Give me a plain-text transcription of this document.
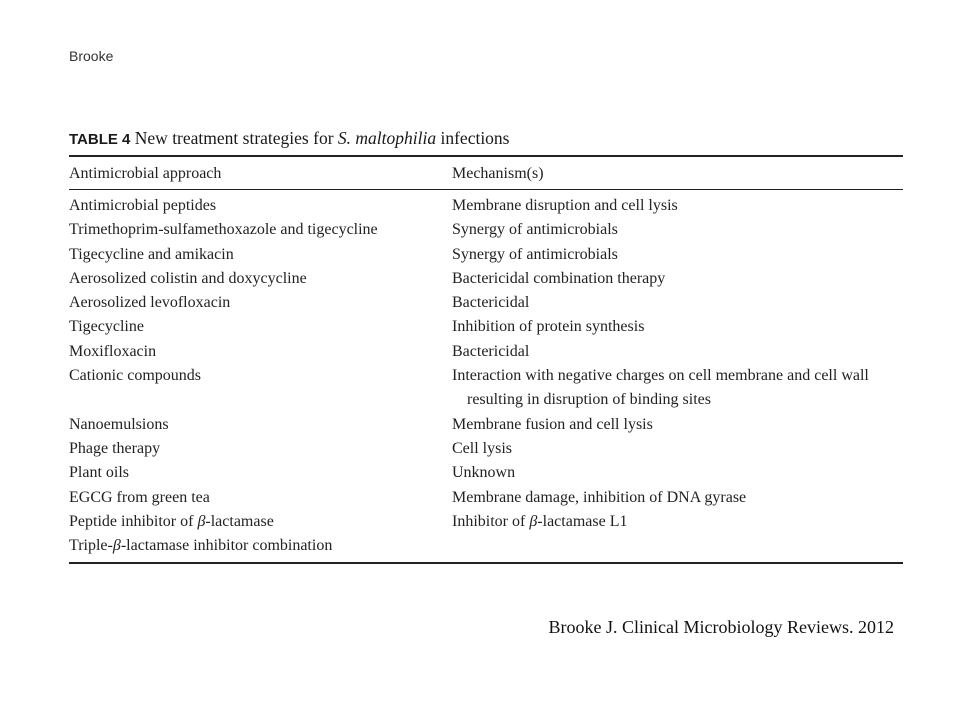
Brooke
TABLE 4 New treatment strategies for S. maltophilia infections
Antimicrobial approach	Mechanism(s)
Antimicrobial peptides	Membrane disruption and cell lysis
Trimethoprim-sulfamethoxazole and tigecycline	Synergy of antimicrobials
Tigecycline and amikacin	Synergy of antimicrobials
Aerosolized colistin and doxycycline	Bactericidal combination therapy
Aerosolized levofloxacin	Bactericidal
Tigecycline	Inhibition of protein synthesis
Moxifloxacin	Bactericidal
Cationic compounds	Interaction with negative charges on cell membrane and cell wall
resulting in disruption of binding sites
Nanoemulsions	Membrane fusion and cell lysis
Phage therapy	Cell lysis
Plant oils	Unknown
EGCG from green tea	Membrane damage, inhibition of DNA gyrase
Peptide inhibitor of β-lactamase	Inhibitor of β-lactamase L1
Triple-β-lactamase inhibitor combination

Brooke J. Clinical Microbiology Reviews. 2012
